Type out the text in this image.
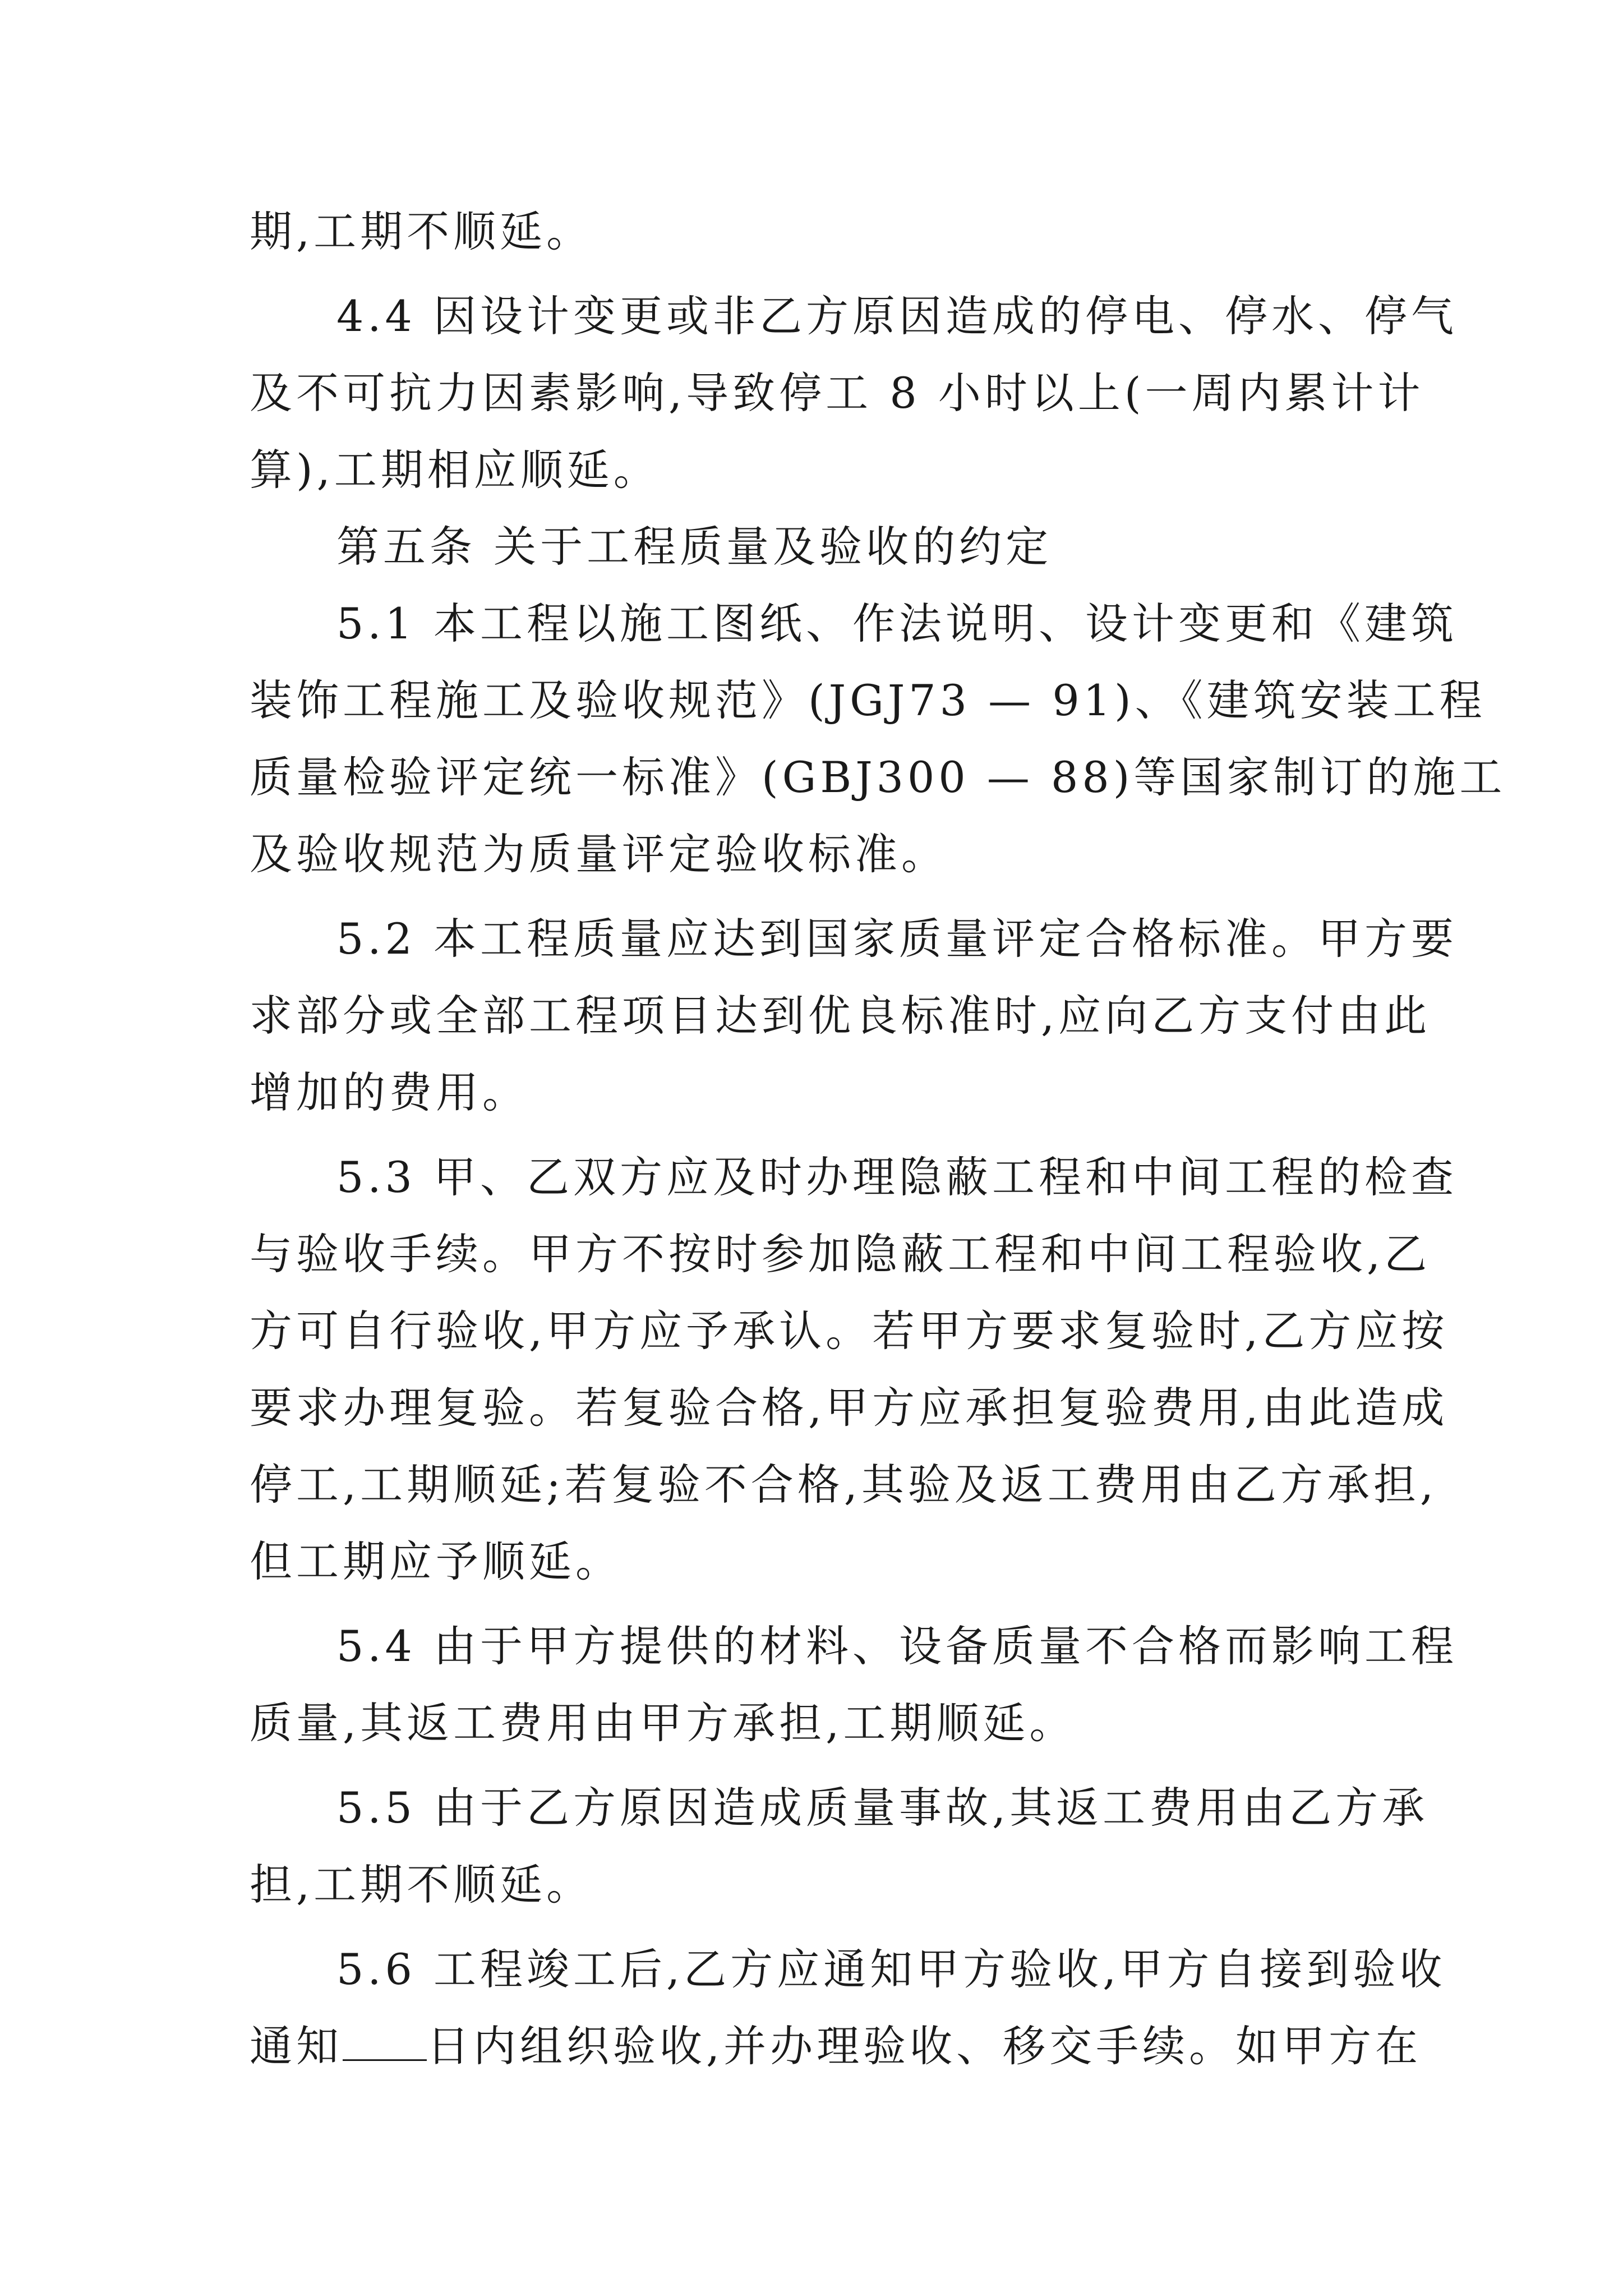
期,工期不顺延。
4.4 因设计变更或非乙方原因造成的停电、停水、停气
及不可抗力因素影响,导致停工 8 小时以上(一周内累计计
算),工期相应顺延。
第五条 关于工程质量及验收的约定
5.1 本工程以施工图纸、作法说明、设计变更和《建筑
装饰工程施工及验收规范》(JGJ73 — 91)、《建筑安装工程
质量检验评定统一标准》(GBJ300 — 88)等国家制订的施工
及验收规范为质量评定验收标准。
5.2 本工程质量应达到国家质量评定合格标准。甲方要
求部分或全部工程项目达到优良标准时,应向乙方支付由此
增加的费用。
5.3 甲、乙双方应及时办理隐蔽工程和中间工程的检查
与验收手续。甲方不按时参加隐蔽工程和中间工程验收,乙
方可自行验收,甲方应予承认。若甲方要求复验时,乙方应按
要求办理复验。若复验合格,甲方应承担复验费用,由此造成
停工,工期顺延;若复验不合格,其验及返工费用由乙方承担,
但工期应予顺延。
5.4 由于甲方提供的材料、设备质量不合格而影响工程
质量,其返工费用由甲方承担,工期顺延。
5.5 由于乙方原因造成质量事故,其返工费用由乙方承
担,工期不顺延。
5.6 工程竣工后,乙方应通知甲方验收,甲方自接到验收
通知 日内组织验收,并办理验收、移交手续。如甲方在
